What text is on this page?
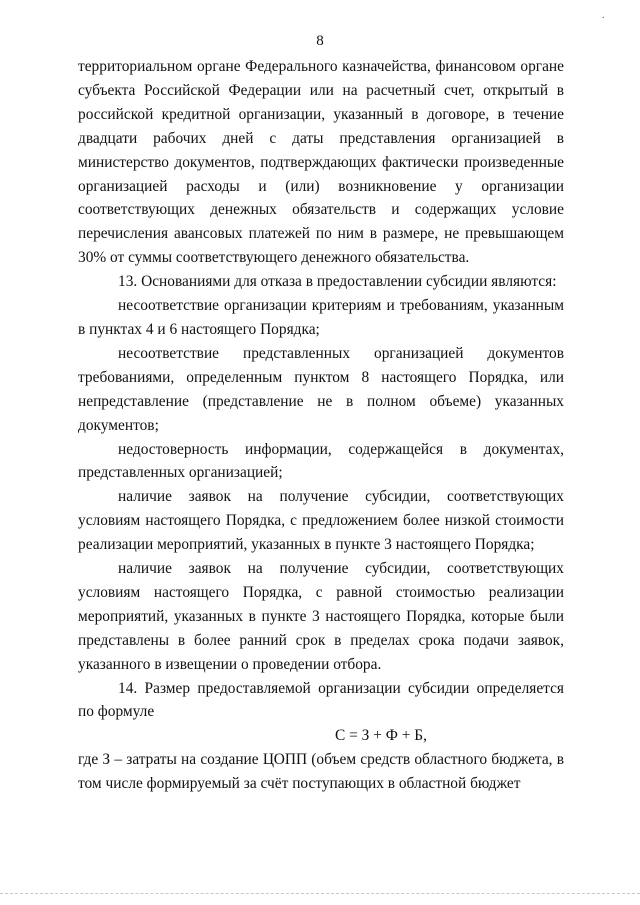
.
8

территориальном органе Федерального казначейства, финансовом органе субъекта Российской Федерации или на расчетный счет, открытый в российской кредитной организации, указанный в договоре, в течение двадцати рабочих дней с даты представления организацией в министерство документов, подтверждающих фактически произведенные организацией расходы и (или) возникновение у организации соответствующих денежных обязательств и содержащих условие перечисления авансовых платежей по ним в размере, не превышающем 30% от суммы соответствующего денежного обязательства.

13. Основаниями для отказа в предоставлении субсидии являются:

несоответствие организации критериям и требованиям, указанным в пунктах 4 и 6 настоящего Порядка;

несоответствие представленных организацией документов требованиями, определенным пунктом 8 настоящего Порядка, или непредставление (представление не в полном объеме) указанных документов;

недостоверность информации, содержащейся в документах, представленных организацией;

наличие заявок на получение субсидии, соответствующих условиям настоящего Порядка, с предложением более низкой стоимости реализации мероприятий, указанных в пункте 3 настоящего Порядка;

наличие заявок на получение субсидии, соответствующих условиям настоящего Порядка, с равной стоимостью реализации мероприятий, указанных в пункте 3 настоящего Порядка, которые были представлены в более ранний срок в пределах срока подачи заявок, указанного в извещении о проведении отбора.

14. Размер предоставляемой организации субсидии определяется по формуле

С = З + Ф + Б,

где З – затраты на создание ЦОПП (объем средств областного бюджета, в том числе формируемый за счёт поступающих в областной бюджет
